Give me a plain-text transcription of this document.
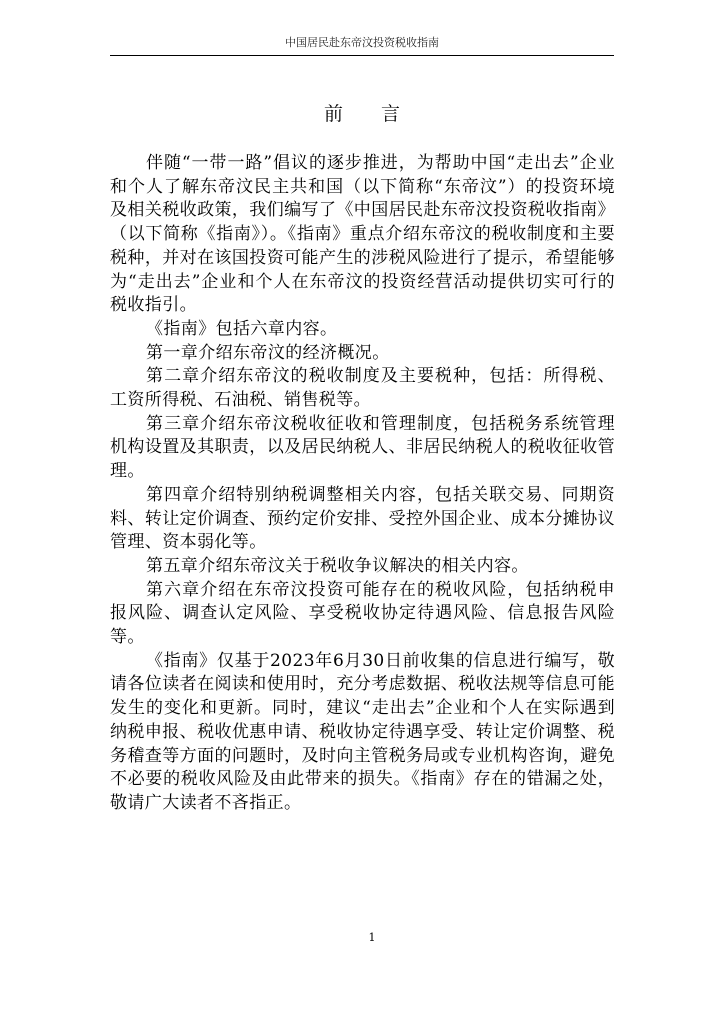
中国居民赴东帝汶投资税收指南
前言

伴随“一带一路”倡议的逐步推进，为帮助中国“走出去”企业和个人了解东帝汶民主共和国（以下简称“东帝汶”）的投资环境及相关税收政策，我们编写了《中国居民赴东帝汶投资税收指南》（以下简称《指南》）。《指南》重点介绍东帝汶的税收制度和主要税种，并对在该国投资可能产生的涉税风险进行了提示，希望能够为“走出去”企业和个人在东帝汶的投资经营活动提供切实可行的税收指引。

《指南》包括六章内容。

第一章介绍东帝汶的经济概况。

第二章介绍东帝汶的税收制度及主要税种，包括：所得税、工资所得税、石油税、销售税等。

第三章介绍东帝汶税收征收和管理制度，包括税务系统管理机构设置及其职责，以及居民纳税人、非居民纳税人的税收征收管理。

第四章介绍特别纳税调整相关内容，包括关联交易、同期资料、转让定价调查、预约定价安排、受控外国企业、成本分摊协议管理、资本弱化等。

第五章介绍东帝汶关于税收争议解决的相关内容。

第六章介绍在东帝汶投资可能存在的税收风险，包括纳税申报风险、调查认定风险、享受税收协定待遇风险、信息报告风险等。

《指南》仅基于2023年6月30日前收集的信息进行编写，敬请各位读者在阅读和使用时，充分考虑数据、税收法规等信息可能发生的变化和更新。同时，建议“走出去”企业和个人在实际遇到纳税申报、税收优惠申请、税收协定待遇享受、转让定价调整、税务稽查等方面的问题时，及时向主管税务局或专业机构咨询，避免不必要的税收风险及由此带来的损失。《指南》存在的错漏之处，敬请广大读者不吝指正。

1
